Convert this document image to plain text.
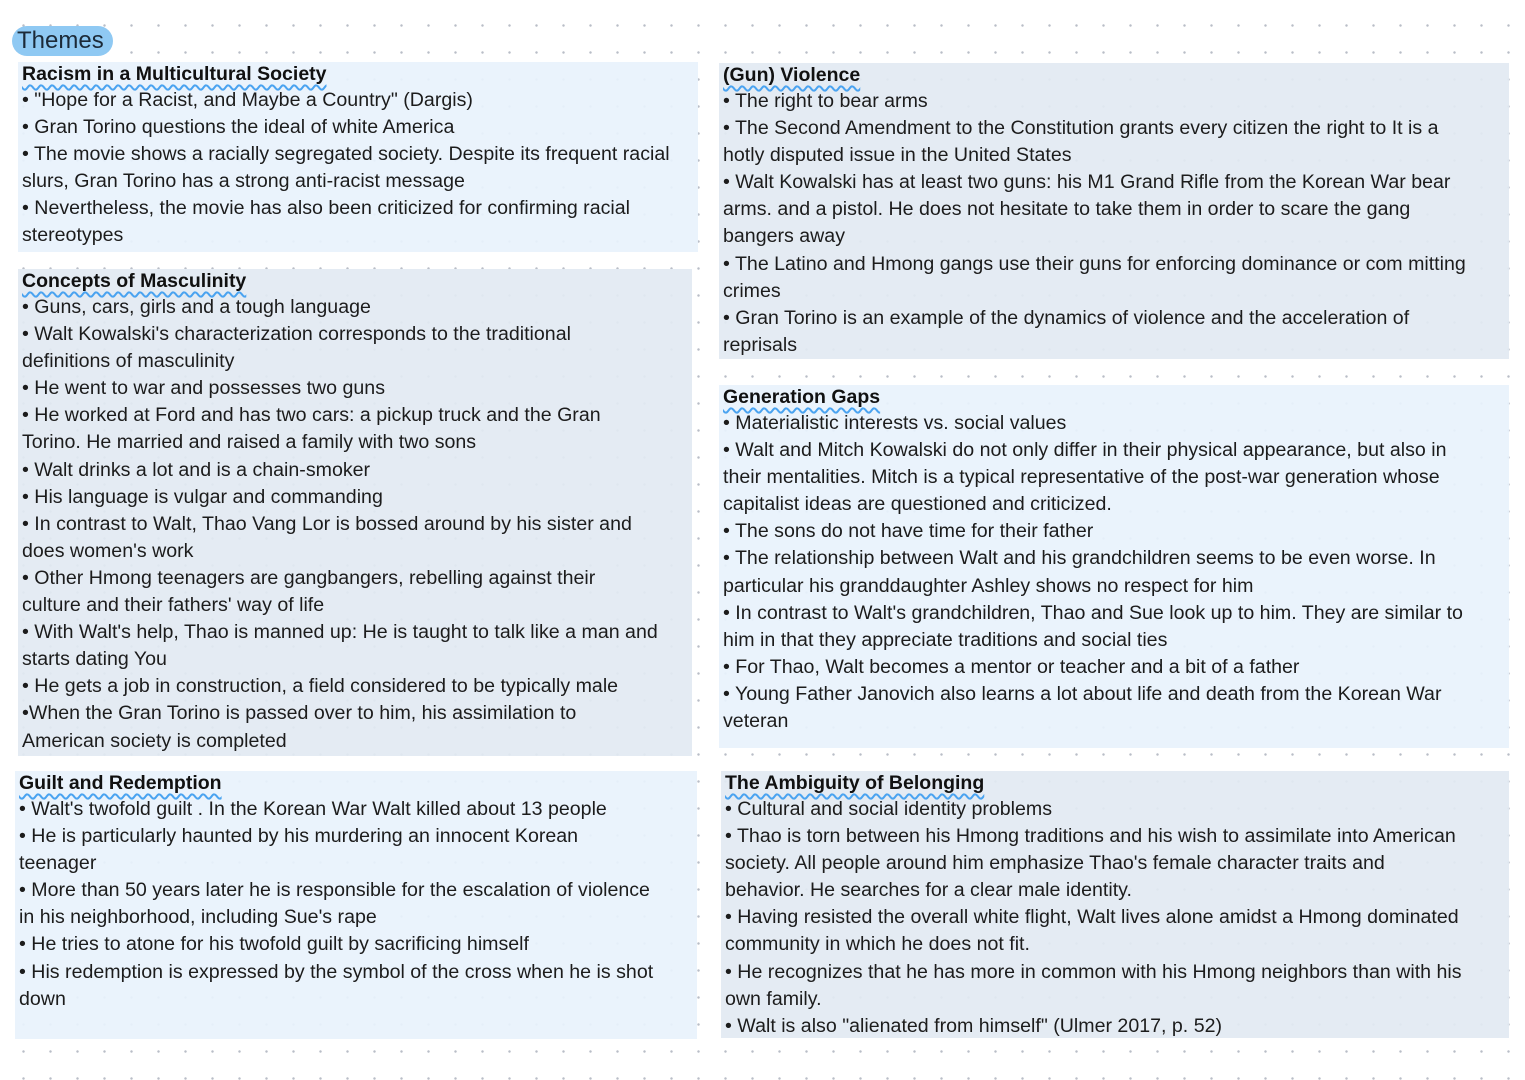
Themes
Racism in a Multicultural Society
• "Hope for a Racist, and Maybe a Country" (Dargis)
• Gran Torino questions the ideal of white America
• The movie shows a racially segregated society. Despite its frequent racial
slurs, Gran Torino has a strong anti-racist message
• Nevertheless, the movie has also been criticized for confirming racial
stereotypes
Concepts of Masculinity
• Guns, cars, girls and a tough language
• Walt Kowalski's characterization corresponds to the traditional
definitions of masculinity
• He went to war and possesses two guns
• He worked at Ford and has two cars: a pickup truck and the Gran
Torino. He married and raised a family with two sons
• Walt drinks a lot and is a chain-smoker
• His language is vulgar and commanding
• In contrast to Walt, Thao Vang Lor is bossed around by his sister and
does women's work
• Other Hmong teenagers are gangbangers, rebelling against their
culture and their fathers' way of life
• With Walt's help, Thao is manned up: He is taught to talk like a man and
starts dating You
• He gets a job in construction, a field considered to be typically male
•When the Gran Torino is passed over to him, his assimilation to
American society is completed
Guilt and Redemption
• Walt's twofold guilt . In the Korean War Walt killed about 13 people
• He is particularly haunted by his murdering an innocent Korean
teenager
• More than 50 years later he is responsible for the escalation of violence
in his neighborhood, including Sue's rape
• He tries to atone for his twofold guilt by sacrificing himself
• His redemption is expressed by the symbol of the cross when he is shot
down
(Gun) Violence
• The right to bear arms
• The Second Amendment to the Constitution grants every citizen the right to It is a
hotly disputed issue in the United States
• Walt Kowalski has at least two guns: his M1 Grand Rifle from the Korean War bear
arms. and a pistol. He does not hesitate to take them in order to scare the gang
bangers away
• The Latino and Hmong gangs use their guns for enforcing dominance or com mitting
crimes
• Gran Torino is an example of the dynamics of violence and the acceleration of
reprisals
Generation Gaps
• Materialistic interests vs. social values
• Walt and Mitch Kowalski do not only differ in their physical appearance, but also in
their mentalities. Mitch is a typical representative of the post-war generation whose
capitalist ideas are questioned and criticized.
• The sons do not have time for their father
• The relationship between Walt and his grandchildren seems to be even worse. In
particular his granddaughter Ashley shows no respect for him
• In contrast to Walt's grandchildren, Thao and Sue look up to him. They are similar to
him in that they appreciate traditions and social ties
• For Thao, Walt becomes a mentor or teacher and a bit of a father
• Young Father Janovich also learns a lot about life and death from the Korean War
veteran
The Ambiguity of Belonging
• Cultural and social identity problems
• Thao is torn between his Hmong traditions and his wish to assimilate into American
society. All people around him emphasize Thao's female character traits and
behavior. He searches for a clear male identity.
• Having resisted the overall white flight, Walt lives alone amidst a Hmong dominated
community in which he does not fit.
• He recognizes that he has more in common with his Hmong neighbors than with his
own family.
• Walt is also "alienated from himself" (Ulmer 2017, p. 52)
